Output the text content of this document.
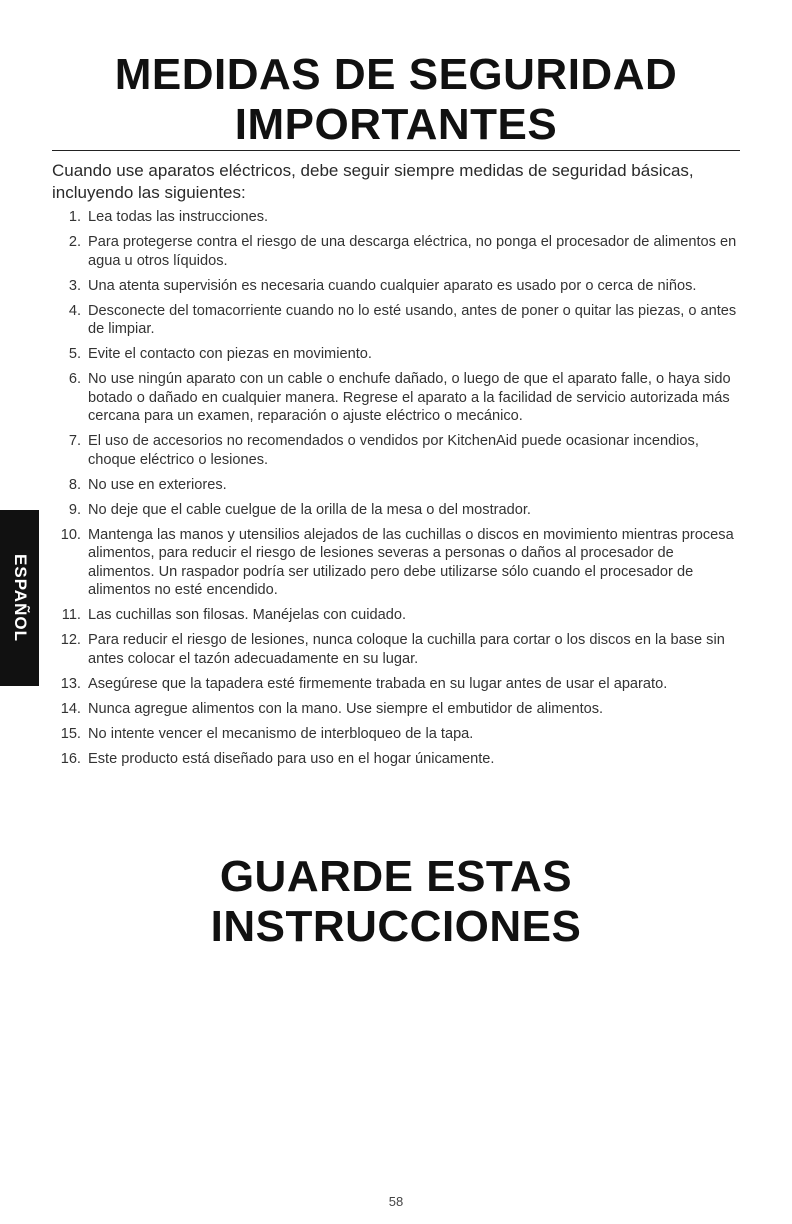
MEDIDAS DE SEGURIDAD
IMPORTANTES
Cuando use aparatos eléctricos, debe seguir siempre medidas de seguridad básicas, incluyendo las siguientes:
1. Lea todas las instrucciones.
2. Para protegerse contra el riesgo de una descarga eléctrica, no ponga el procesador de alimentos en agua u otros líquidos.
3. Una atenta supervisión es necesaria cuando cualquier aparato es usado por o cerca de niños.
4. Desconecte del tomacorriente cuando no lo esté usando, antes de poner o quitar las piezas, o antes de limpiar.
5. Evite el contacto con piezas en movimiento.
6. No use ningún aparato con un cable o enchufe dañado, o luego de que el aparato falle, o haya sido botado o dañado en cualquier manera. Regrese el aparato a la facilidad de servicio autorizada más cercana para un examen, reparación o ajuste eléctrico o mecánico.
7. El uso de accesorios no recomendados o vendidos por KitchenAid puede ocasionar incendios, choque eléctrico o lesiones.
8. No use en exteriores.
9. No deje que el cable cuelgue de la orilla de la mesa o del mostrador.
10. Mantenga las manos y utensilios alejados de las cuchillas o discos en movimiento mientras procesa alimentos, para reducir el riesgo de lesiones severas a personas o daños al procesador de alimentos. Un raspador podría ser utilizado pero debe utilizarse sólo cuando el procesador de alimentos no esté encendido.
11. Las cuchillas son filosas. Manéjelas con cuidado.
12. Para reducir el riesgo de lesiones, nunca coloque la cuchilla para cortar o los discos en la base sin antes colocar el tazón adecuadamente en su lugar.
13. Asegúrese que la tapadera esté firmemente trabada en su lugar antes de usar el aparato.
14. Nunca agregue alimentos con la mano. Use siempre el embutidor de alimentos.
15. No intente vencer el mecanismo de interbloqueo de la tapa.
16. Este producto está diseñado para uso en el hogar únicamente.
GUARDE ESTAS INSTRUCCIONES
ESPAÑOL
58
